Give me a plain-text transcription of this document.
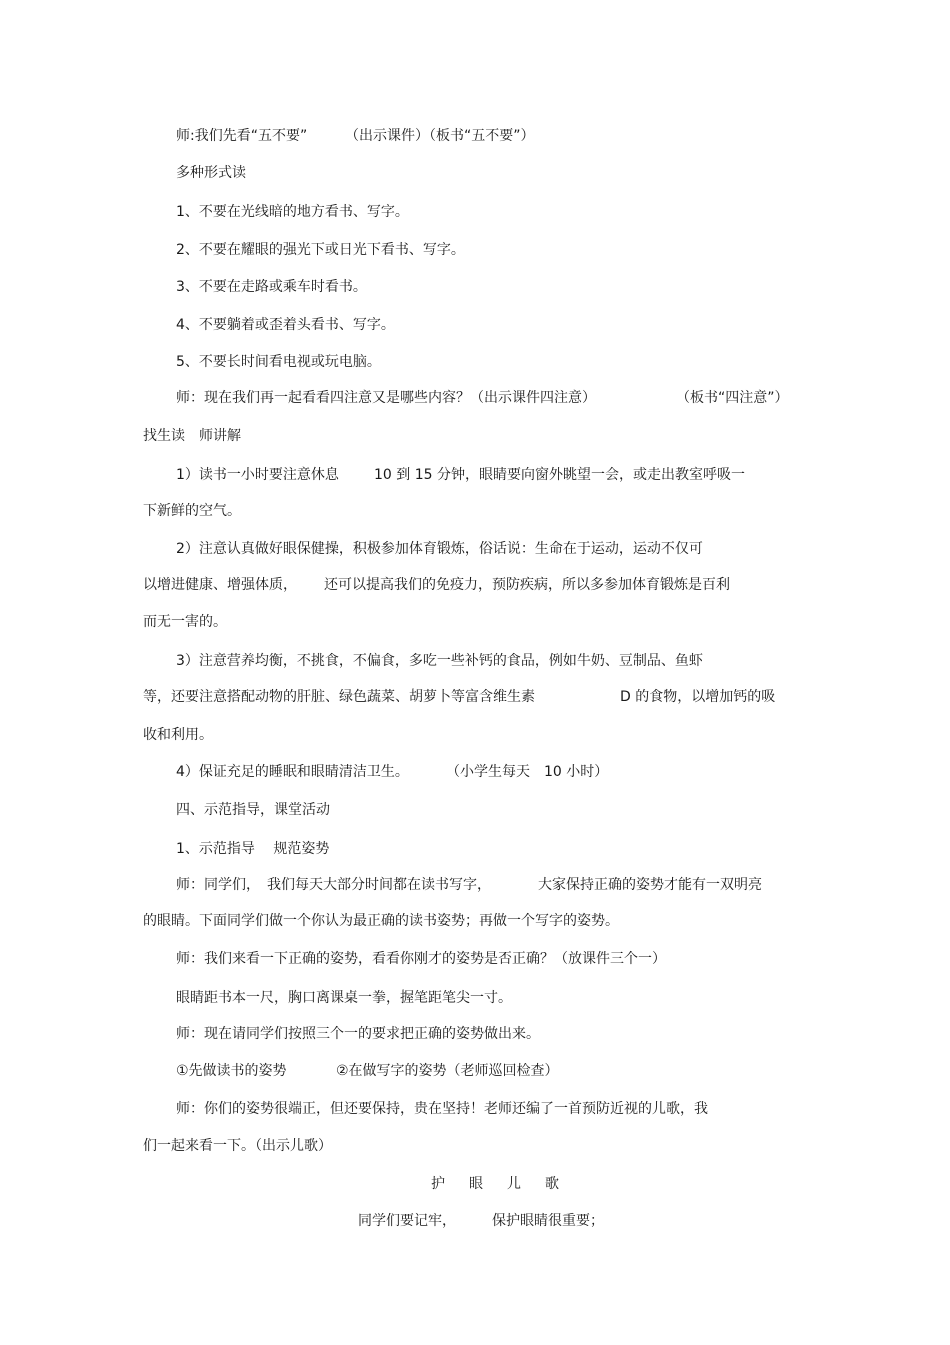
师:我们先看“五不要”	（出示课件）（板书“五不要”）
多种形式读
1、不要在光线暗的地方看书、写字。
2、不要在耀眼的强光下或日光下看书、写字。
3、不要在走路或乘车时看书。
4、不要躺着或歪着头看书、写字。
5、不要长时间看电视或玩电脑。
师：现在我们再一起看看四注意又是哪些内容？（出示课件四注意）	（板书“四注意”）
找生读　师讲解
1）读书一小时要注意休息	10 到 15 分钟，眼睛要向窗外眺望一会，或走出教室呼吸一
下新鲜的空气。
2）注意认真做好眼保健操，积极参加体育锻炼，俗话说：生命在于运动，运动不仅可
以增进健康、增强体质， 还可以提高我们的免疫力，预防疾病，所以多参加体育锻炼是百利
而无一害的。
3）注意营养均衡，不挑食，不偏食，多吃一些补钙的食品，例如牛奶、豆制品、鱼虾
等，还要注意搭配动物的肝脏、绿色蔬菜、胡萝卜等富含维生素	D 的食物，以增加钙的吸
收和利用。
4）保证充足的睡眠和眼睛清洁卫生。	（小学生每天　10 小时）
四、示范指导，课堂活动
1、示范指导　 规范姿势
师：同学们，　我们每天大部分时间都在读书写字，	大家保持正确的姿势才能有一双明亮
的眼睛。下面同学们做一个你认为最正确的读书姿势；再做一个写字的姿势。
师：我们来看一下正确的姿势，看看你刚才的姿势是否正确？（放课件三个一）
眼睛距书本一尺，胸口离课桌一拳，握笔距笔尖一寸。
师：现在请同学们按照三个一的要求把正确的姿势做出来。
①先做读书的姿势	②在做写字的姿势（老师巡回检查）
师：你们的姿势很端正，但还要保持，贵在坚持！老师还编了一首预防近视的儿歌，我
们一起来看一下。（出示儿歌）
护 眼 儿 歌
同学们要记牢，	保护眼睛很重要；
